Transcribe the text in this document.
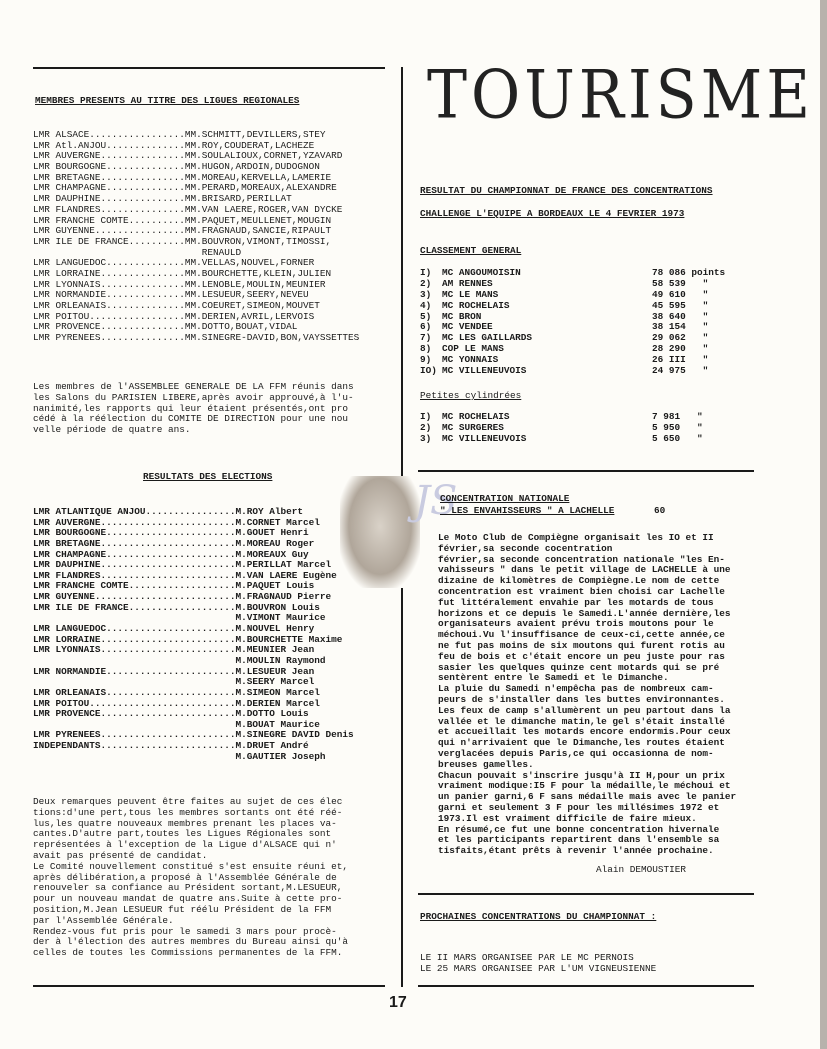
MEMBRES PRESENTS AU TITRE DES LIGUES REGIONALES
LMR ALSACE.................MM.SCHMITT,DEVILLERS,STEY
LMR Atl.ANJOU..............MM.ROY,COUDERAT,LACHEZE
LMR AUVERGNE...............MM.SOULALIOUX,CORNET,YZAVARD
LMR BOURGOGNE..............MM.HUGON,ARDOIN,DUDOGNON
LMR BRETAGNE...............MM.MOREAU,KERVELLA,LAMERIE
LMR CHAMPAGNE..............MM.PERARD,MOREAUX,ALEXANDRE
LMR DAUPHINE...............MM.BRISARD,PERILLAT
LMR FLANDRES...............MM.VAN LAERE,ROGER,VAN DYCKE
LMR FRANCHE COMTE..........MM.PAQUET,MEULLENET,MOUGIN
LMR GUYENNE................MM.FRAGNAUD,SANCIE,RIPAULT
LMR ILE DE FRANCE..........MM.BOUVRON,VIMONT,TIMOSSI,
RENAULD
LMR LANGUEDOC..............MM.VELLAS,NOUVEL,FORNER
LMR LORRAINE...............MM.BOURCHETTE,KLEIN,JULIEN
LMR LYONNAIS...............MM.LENOBLE,MOULIN,MEUNIER
LMR NORMANDIE..............MM.LESUEUR,SEERY,NEVEU
LMR ORLEANAIS..............MM.COEURET,SIMEON,MOUVET
LMR POITOU.................MM.DERIEN,AVRIL,LERVOIS
LMR PROVENCE...............MM.DOTTO,BOUAT,VIDAL
LMR PYRENEES...............MM.SINEGRE-DAVID,BON,VAYSSETTES
Les membres de l'ASSEMBLEE GENERALE DE LA FFM réunis dans
les Salons du PARISIEN LIBERE,après avoir approuvé,à l'u-
nanimité,les rapports qui leur étaient présentés,ont pro
cédé à la réélection du COMITE DE DIRECTION pour une nou
velle période de quatre ans.
RESULTATS DES ELECTIONS
LMR ATLANTIQUE ANJOU................M.ROY Albert
LMR AUVERGNE........................M.CORNET Marcel
LMR BOURGOGNE.......................M.GOUET Henri
LMR BRETAGNE........................M.MOREAU Roger
LMR CHAMPAGNE.......................M.MOREAUX Guy
LMR DAUPHINE........................M.PERILLAT Marcel
LMR FLANDRES........................M.VAN LAERE Eugène
LMR FRANCHE COMTE...................M.PAQUET Louis
LMR GUYENNE.........................M.FRAGNAUD Pierre
LMR ILE DE FRANCE...................M.BOUVRON Louis
M.VIMONT Maurice
LMR LANGUEDOC.......................M.NOUVEL Henry
LMR LORRAINE........................M.BOURCHETTE Maxime
LMR LYONNAIS........................M.MEUNIER Jean
M.MOULIN Raymond
LMR NORMANDIE.......................M.LESUEUR Jean
M.SEERY Marcel
LMR ORLEANAIS.......................M.SIMEON Marcel
LMR POITOU..........................M.DERIEN Marcel
LMR PROVENCE........................M.DOTTO Louis
M.BOUAT Maurice
LMR PYRENEES........................M.SINEGRE DAVID Denis
INDEPENDANTS........................M.DRUET André
M.GAUTIER Joseph
JS
Deux remarques peuvent être faites au sujet de ces élec
tions:d'une pert,tous les membres sortants ont été réé-
lus,les quatre nouveaux membres prenant les places va-
cantes.D'autre part,toutes les Ligues Régionales sont
représentées à l'exception de la Ligue d'ALSACE qui n'
avait pas présenté de candidat.
Le Comité nouvellement constitué s'est ensuite réuni et,
après délibération,a proposé à l'Assemblée Générale de
renouveler sa confiance au Président sortant,M.LESUEUR,
pour un nouveau mandat de quatre ans.Suite à cette pro-
position,M.Jean LESUEUR fut réélu Président de la FFM
par l'Assemblée Générale.
Rendez-vous fut pris pour le samedi 3 mars pour procè-
der à l'élection des autres membres du Bureau ainsi qu'à
celles de toutes les Commissions permanentes de la FFM.
TOURISME
RESULTAT DU CHAMPIONNAT DE FRANCE DES CONCENTRATIONS
CHALLENGE L'EQUIPE A BORDEAUX LE 4 FEVRIER 1973
CLASSEMENT GENERAL
I) MC ANGOUMOISIN	78 086 points
2) AM RENNES	58 539   "
3) MC LE MANS	49 610   "
4) MC ROCHELAIS	45 595   "
5) MC BRON	38 640   "
6) MC VENDEE	38 154   "
7) MC LES GAILLARDS	29 062   "
8) COP LE MANS	28 290   "
9) MC YONNAIS	26 III   "
IO) MC VILLENEUVOIS	24 975   "
Petites cylindrées
I) MC ROCHELAIS	7 981   "
2) MC SURGERES	5 950   "
3) MC VILLENEUVOIS	5 650   "
CONCENTRATION NATIONALE
" LES ENVAHISSEURS " A LACHELLE	60
Le Moto Club de Compiègne organisait les IO et II
février,sa seconde cocentration
février,sa seconde concentration nationale "les En-
vahisseurs " dans le petit village de LACHELLE à une
dizaine de kilomètres de Compiègne.Le nom de cette
concentration est vraiment bien choisi car Lachelle
fut littéralement envahie par les motards de tous
horizons et ce depuis le Samedi.L'année dernière,les
organisateurs avaient prévu trois moutons pour le
méchoui.Vu l'insuffisance de ceux-ci,cette année,ce
ne fut pas moins de six moutons qui furent rotis au
feu de bois et c'était encore un peu juste pour ras
sasier les quelques quinze cent motards qui se pré
sentèrent entre le Samedi et le Dimanche.
La pluie du Samedi n'empêcha pas de nombreux cam-
peurs de s'installer dans les buttes environnantes.
Les feux de camp s'allumèrent un peu partout dans la
vallée et le dimanche matin,le gel s'était installé
et accueillait les motards encore endormis.Pour ceux
qui n'arrivaient que le Dimanche,les routes étaient
verglacées depuis Paris,ce qui occasionna de nom-
breuses gamelles.
Chacun pouvait s'inscrire jusqu'à II H,pour un prix
vraiment modique:I5 F pour la médaille,le méchoui et
un panier garni,6 F sans médaille mais avec le panier
garni et seulement 3 F pour les millésimes 1972 et
1973.Il est vraiment difficile de faire mieux.
En résumé,ce fut une bonne concentration hivernale
et les participants repartirent dans l'ensemble sa
tisfaits,étant prêts à revenir l'année prochaine.
Alain DEMOUSTIER
PROCHAINES CONCENTRATIONS DU CHAMPIONNAT :
LE II MARS ORGANISEE PAR LE MC PERNOIS
LE 25 MARS ORGANISEE PAR L'UM VIGNEUSIENNE
17
